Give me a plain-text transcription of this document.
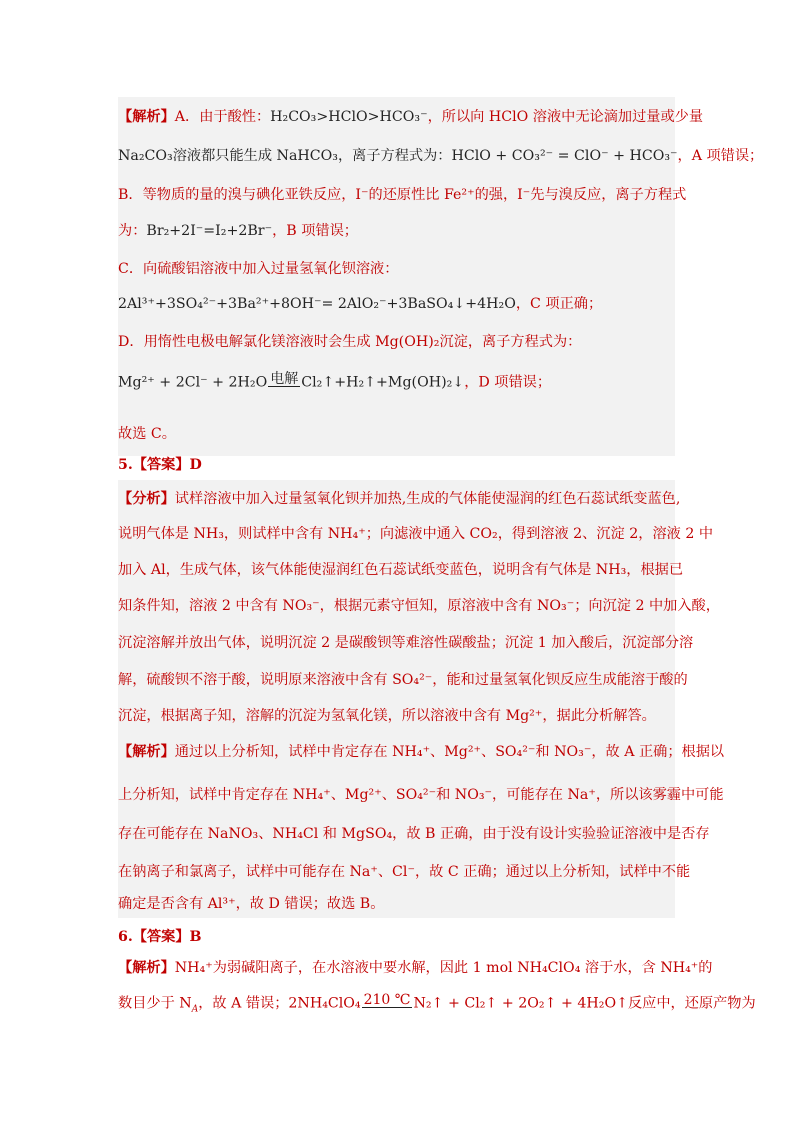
【解析】A．由于酸性：H₂CO₃>HClO>HCO₃⁻，所以向 HClO 溶液中无论滴加过量或少量
Na₂CO₃溶液都只能生成 NaHCO₃，离子方程式为：HClO + CO₃²⁻ = ClO⁻ + HCO₃⁻，A 项错误；
B．等物质的量的溴与碘化亚铁反应，I⁻的还原性比 Fe²⁺的强，I⁻先与溴反应，离子方程式
为：Br₂+2I⁻=I₂+2Br⁻，B 项错误；
C．向硫酸铝溶液中加入过量氢氧化钡溶液：
2Al³⁺+3SO₄²⁻+3Ba²⁺+8OH⁻= 2AlO₂⁻+3BaSO₄↓+4H₂O，C 项正确；
D．用惰性电极电解氯化镁溶液时会生成 Mg(OH)₂沉淀，离子方程式为：
Mg²⁺ + 2Cl⁻ + 2H₂O 电解
Cl₂↑+H₂↑+Mg(OH)₂↓，D 项错误；
故选 C。
5.【答案】D
【分析】试样溶液中加入过量氢氧化钡并加热,生成的气体能使湿润的红色石蕊试纸变蓝色,
说明气体是 NH₃，则试样中含有 NH₄⁺；向滤液中通入 CO₂，得到溶液 2、沉淀 2，溶液 2 中
加入 Al，生成气体，该气体能使湿润红色石蕊试纸变蓝色，说明含有气体是 NH₃，根据已
知条件知，溶液 2 中含有 NO₃⁻，根据元素守恒知，原溶液中含有 NO₃⁻；向沉淀 2 中加入酸，
沉淀溶解并放出气体，说明沉淀 2 是碳酸钡等难溶性碳酸盐；沉淀 1 加入酸后，沉淀部分溶
解，硫酸钡不溶于酸，说明原来溶液中含有 SO₄²⁻，能和过量氢氧化钡反应生成能溶于酸的
沉淀，根据离子知，溶解的沉淀为氢氧化镁，所以溶液中含有 Mg²⁺，据此分析解答。
【解析】通过以上分析知，试样中肯定存在 NH₄⁺、Mg²⁺、SO₄²⁻和 NO₃⁻，故 A 正确；根据以
上分析知，试样中肯定存在 NH₄⁺、Mg²⁺、SO₄²⁻和 NO₃⁻，可能存在 Na⁺，所以该雾霾中可能
存在可能存在 NaNO₃、NH₄Cl 和 MgSO₄，故 B 正确，由于没有设计实验验证溶液中是否存
在钠离子和氯离子，试样中可能存在 Na⁺、Cl⁻，故 C 正确；通过以上分析知，试样中不能
确定是否含有 Al³⁺，故 D 错误；故选 B。
6.【答案】B
【解析】NH₄⁺为弱碱阳离子，在水溶液中要水解，因此 1 mol NH₄ClO₄ 溶于水，含 NH₄⁺的
数目少于 $N_A$，故 A 错误；2NH₄ClO₄ 210 ℃
N₂↑ + Cl₂↑ + 2O₂↑ + 4H₂O↑反应中，还原产物为
